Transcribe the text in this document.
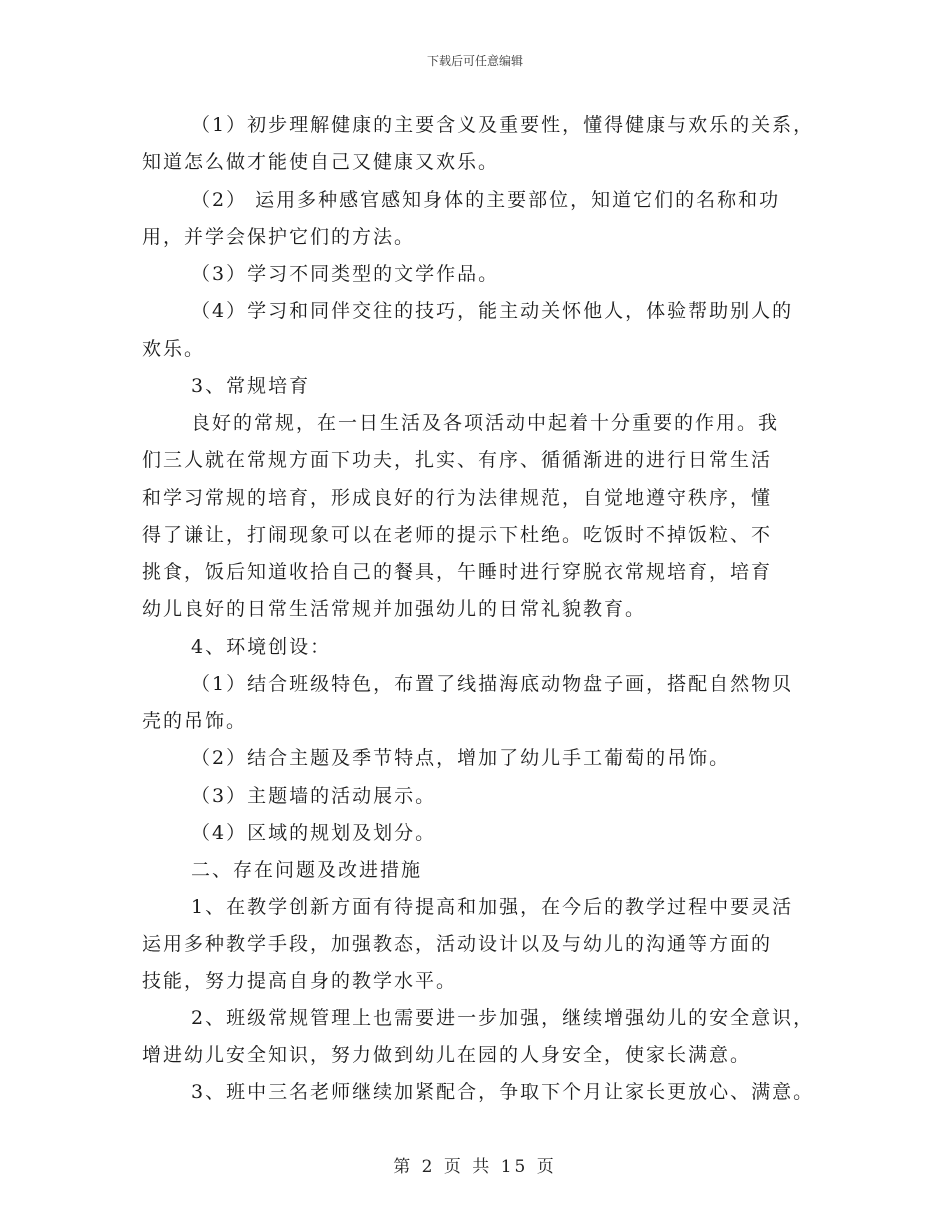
下载后可任意编辑
（1）初步理解健康的主要含义及重要性，懂得健康与欢乐的关系，
知道怎么做才能使自己又健康又欢乐。
（2） 运用多种感官感知身体的主要部位，知道它们的名称和功
用，并学会保护它们的方法。
（3）学习不同类型的文学作品。
（4）学习和同伴交往的技巧，能主动关怀他人，体验帮助别人的
欢乐。
3、常规培育
良好的常规，在一日生活及各项活动中起着十分重要的作用。我
们三人就在常规方面下功夫，扎实、有序、循循渐进的进行日常生活
和学习常规的培育，形成良好的行为法律规范，自觉地遵守秩序，懂
得了谦让，打闹现象可以在老师的提示下杜绝。吃饭时不掉饭粒、不
挑食，饭后知道收拾自己的餐具，午睡时进行穿脱衣常规培育，培育
幼儿良好的日常生活常规并加强幼儿的日常礼貌教育。
4、环境创设：
（1）结合班级特色，布置了线描海底动物盘子画，搭配自然物贝
壳的吊饰。
（2）结合主题及季节特点，增加了幼儿手工葡萄的吊饰。
（3）主题墙的活动展示。
（4）区域的规划及划分。
二、存在问题及改进措施
1、在教学创新方面有待提高和加强，在今后的教学过程中要灵活
运用多种教学手段，加强教态，活动设计以及与幼儿的沟通等方面的
技能，努力提高自身的教学水平。
2、班级常规管理上也需要进一步加强，继续增强幼儿的安全意识，
增进幼儿安全知识，努力做到幼儿在园的人身安全，使家长满意。
3、班中三名老师继续加紧配合，争取下个月让家长更放心、满意。
第 2 页 共 15 页
